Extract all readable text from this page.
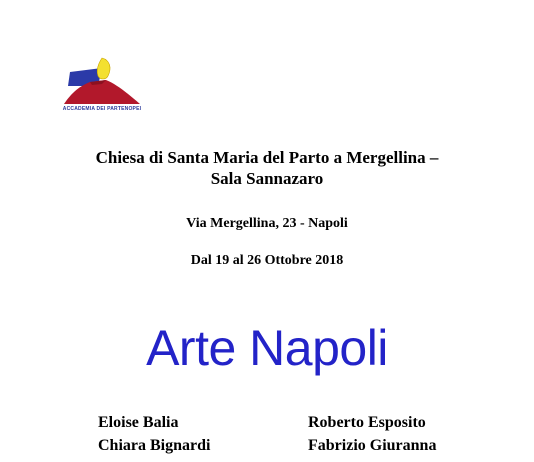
ACCADEMIA DEI PARTENOPEI
Chiesa di Santa Maria del Parto a Mergellina –
Sala Sannazaro
Via Mergellina, 23 - Napoli
Dal 19 al 26 Ottobre 2018
Arte Napoli
Eloise Balia
Chiara Bignardi
Roberto Esposito
Fabrizio Giuranna
